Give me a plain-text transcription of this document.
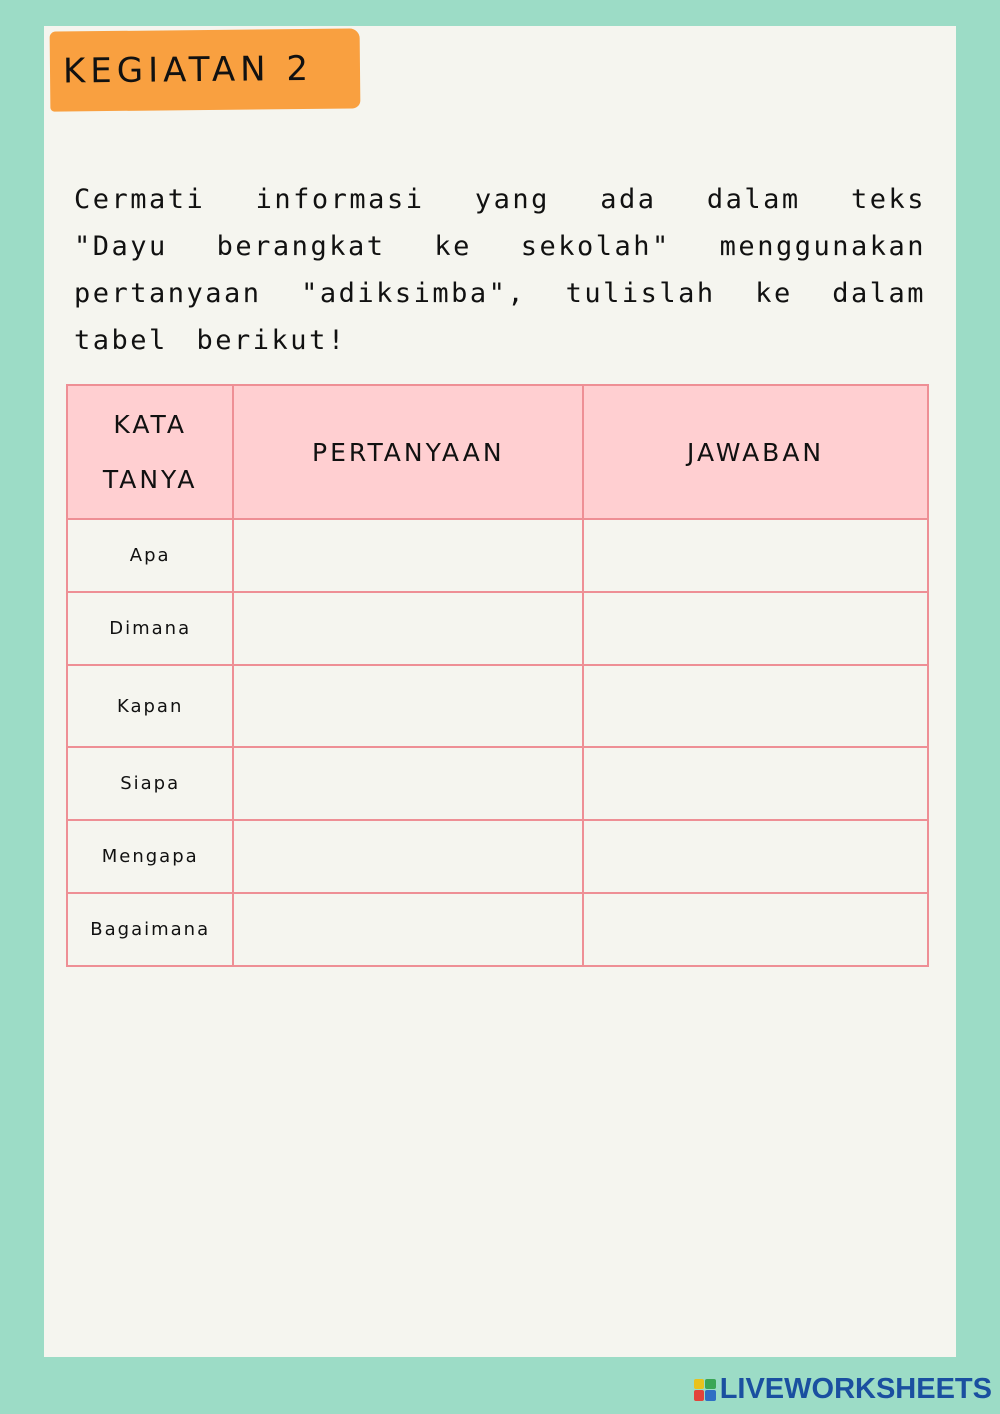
KEGIATAN 2
Cermati informasi yang ada dalam teks "Dayu berangkat ke sekolah" menggunakan pertanyaan "adiksimba", tulislah ke dalam tabel berikut!
KATA TANYA	PERTANYAAN	JAWABAN
Apa		
Dimana		
Kapan		
Siapa		
Mengapa		
Bagaimana		
LIVEWORKSHEETS
